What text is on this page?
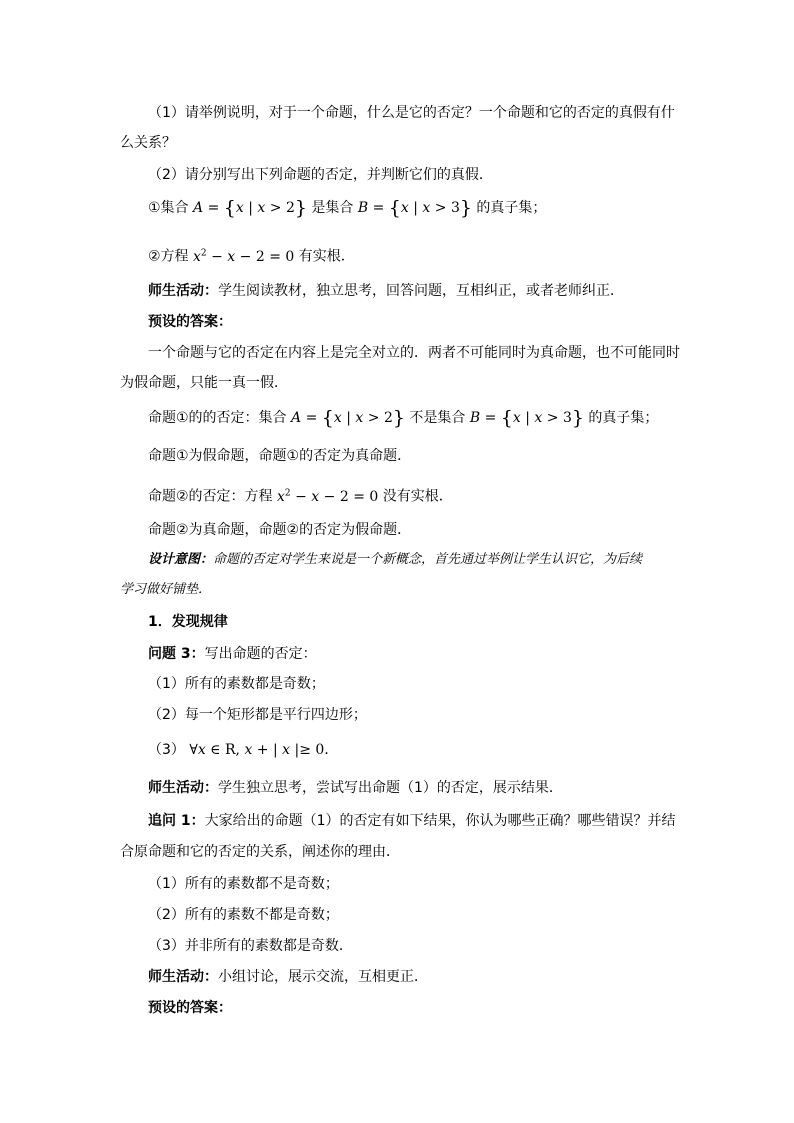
（1）请举例说明，对于一个命题，什么是它的否定？一个命题和它的否定的真假有什
么关系？
（2）请分别写出下列命题的否定，并判断它们的真假．
①集合 A = {x | x > 2} 是集合 B = {x | x > 3} 的真子集；
②方程 $x^2 - x - 2 = 0$ 有实根．
师生活动：学生阅读教材，独立思考，回答问题，互相纠正，或者老师纠正．
预设的答案：
一个命题与它的否定在内容上是完全对立的．两者不可能同时为真命题，也不可能同时
为假命题，只能一真一假．
命题①的的否定：集合 A = {x | x > 2} 不是集合 B = {x | x > 3} 的真子集；
命题①为假命题，命题①的否定为真命题．
命题②的否定：方程 $x^2 - x - 2 = 0$ 没有实根．
命题②为真命题，命题②的否定为假命题．
设计意图：命题的否定对学生来说是一个新概念，首先通过举例让学生认识它，为后续
学习做好铺垫．
1．发现规律
问题 3：写出命题的否定：
（1）所有的素数都是奇数；
（2）每一个矩形都是平行四边形；
（3） ∀x ∈ R, x + | x |≥ 0．
师生活动：学生独立思考，尝试写出命题（1）的否定，展示结果．
追问 1：大家给出的命题（1）的否定有如下结果，你认为哪些正确？哪些错误？并结
合原命题和它的否定的关系，阐述你的理由．
（1）所有的素数都不是奇数；
（2）所有的素数不都是奇数；
（3）并非所有的素数都是奇数．
师生活动：小组讨论，展示交流，互相更正．
预设的答案：
